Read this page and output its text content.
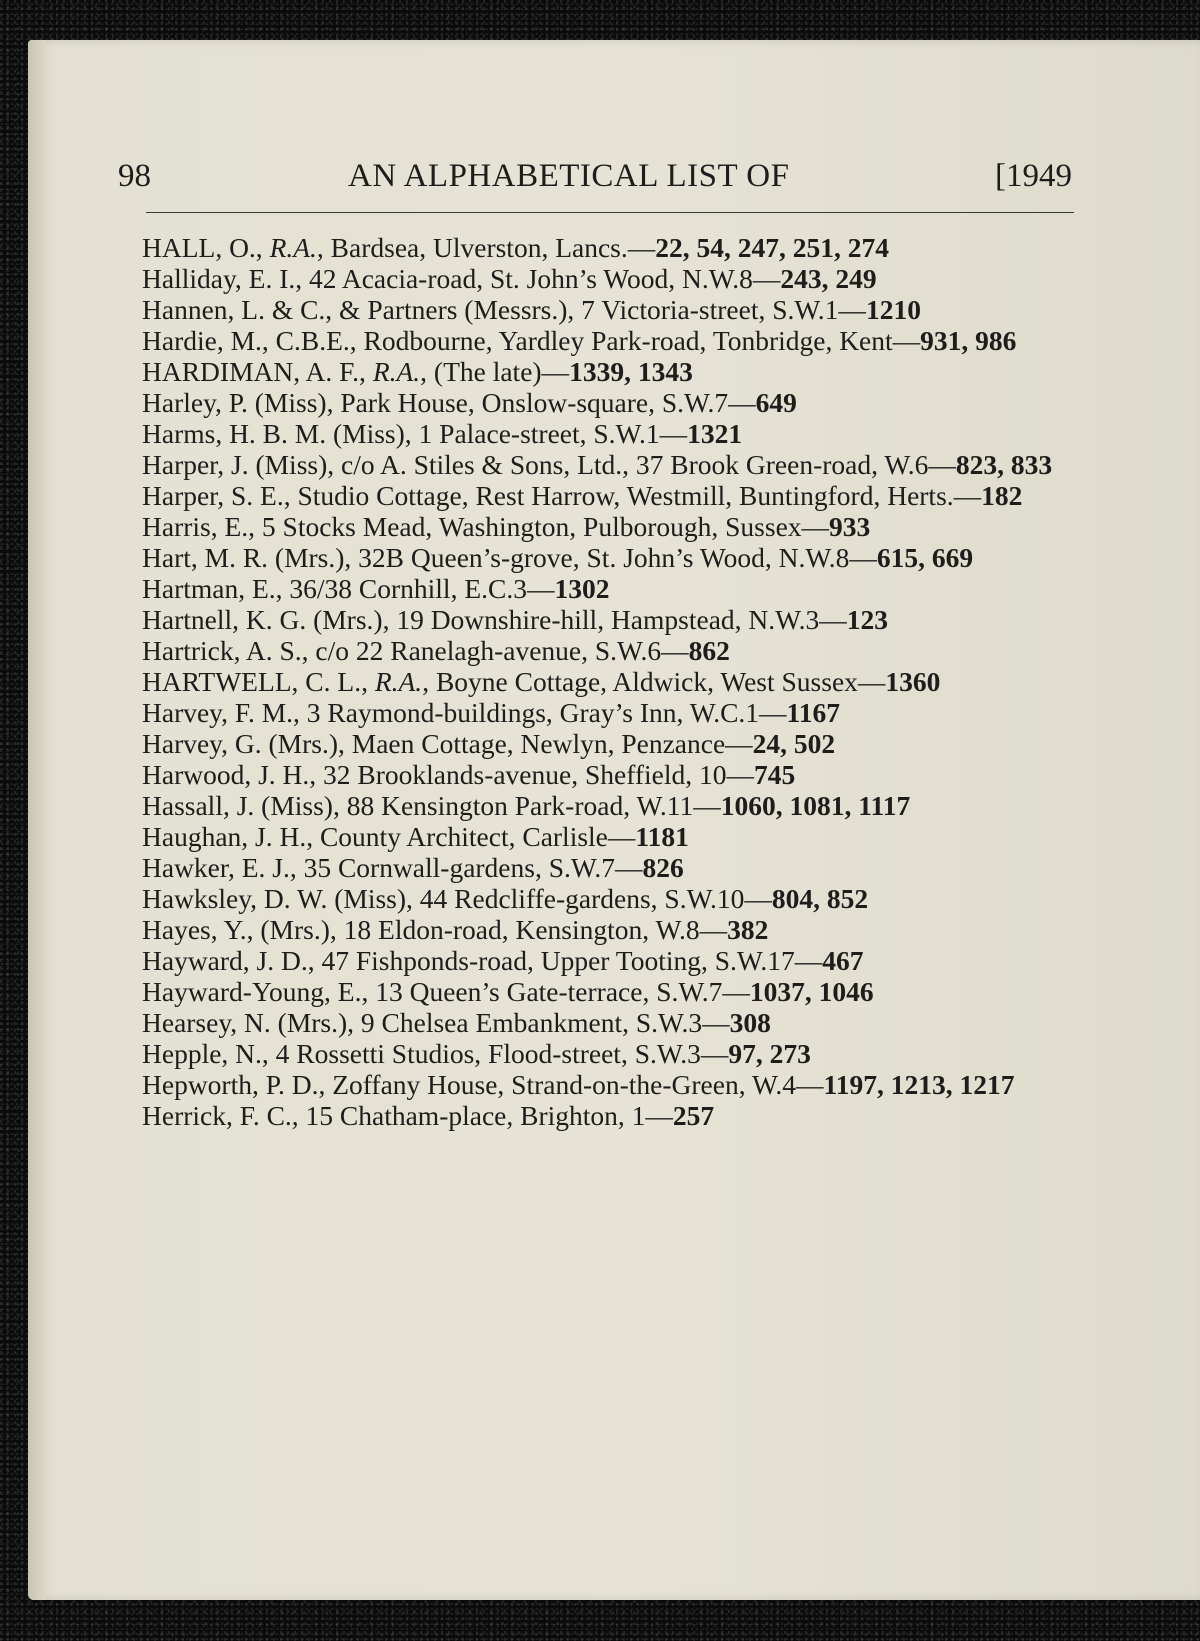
98	AN ALPHABETICAL LIST OF	[1949
HALL, O., R.A., Bardsea, Ulverston, Lancs.—22, 54, 247, 251, 274
Halliday, E. I., 42 Acacia-road, St. John’s Wood, N.W.8—243, 249
Hannen, L. & C., & Partners (Messrs.), 7 Victoria-street, S.W.1—1210
Hardie, M., C.B.E., Rodbourne, Yardley Park-road, Tonbridge, Kent—931, 986
HARDIMAN, A. F., R.A., (The late)—1339, 1343
Harley, P. (Miss), Park House, Onslow-square, S.W.7—649
Harms, H. B. M. (Miss), 1 Palace-street, S.W.1—1321
Harper, J. (Miss), c/o A. Stiles & Sons, Ltd., 37 Brook Green-road, W.6—823, 833
Harper, S. E., Studio Cottage, Rest Harrow, Westmill, Buntingford, Herts.—182
Harris, E., 5 Stocks Mead, Washington, Pulborough, Sussex—933
Hart, M. R. (Mrs.), 32B Queen’s-grove, St. John’s Wood, N.W.8—615, 669
Hartman, E., 36/38 Cornhill, E.C.3—1302
Hartnell, K. G. (Mrs.), 19 Downshire-hill, Hampstead, N.W.3—123
Hartrick, A. S., c/o 22 Ranelagh-avenue, S.W.6—862
HARTWELL, C. L., R.A., Boyne Cottage, Aldwick, West Sussex—1360
Harvey, F. M., 3 Raymond-buildings, Gray’s Inn, W.C.1—1167
Harvey, G. (Mrs.), Maen Cottage, Newlyn, Penzance—24, 502
Harwood, J. H., 32 Brooklands-avenue, Sheffield, 10—745
Hassall, J. (Miss), 88 Kensington Park-road, W.11—1060, 1081, 1117
Haughan, J. H., County Architect, Carlisle—1181
Hawker, E. J., 35 Cornwall-gardens, S.W.7—826
Hawksley, D. W. (Miss), 44 Redcliffe-gardens, S.W.10—804, 852
Hayes, Y., (Mrs.), 18 Eldon-road, Kensington, W.8—382
Hayward, J. D., 47 Fishponds-road, Upper Tooting, S.W.17—467
Hayward-Young, E., 13 Queen’s Gate-terrace, S.W.7—1037, 1046
Hearsey, N. (Mrs.), 9 Chelsea Embankment, S.W.3—308
Hepple, N., 4 Rossetti Studios, Flood-street, S.W.3—97, 273
Hepworth, P. D., Zoffany House, Strand-on-the-Green, W.4—1197, 1213, 1217
Herrick, F. C., 15 Chatham-place, Brighton, 1—257
